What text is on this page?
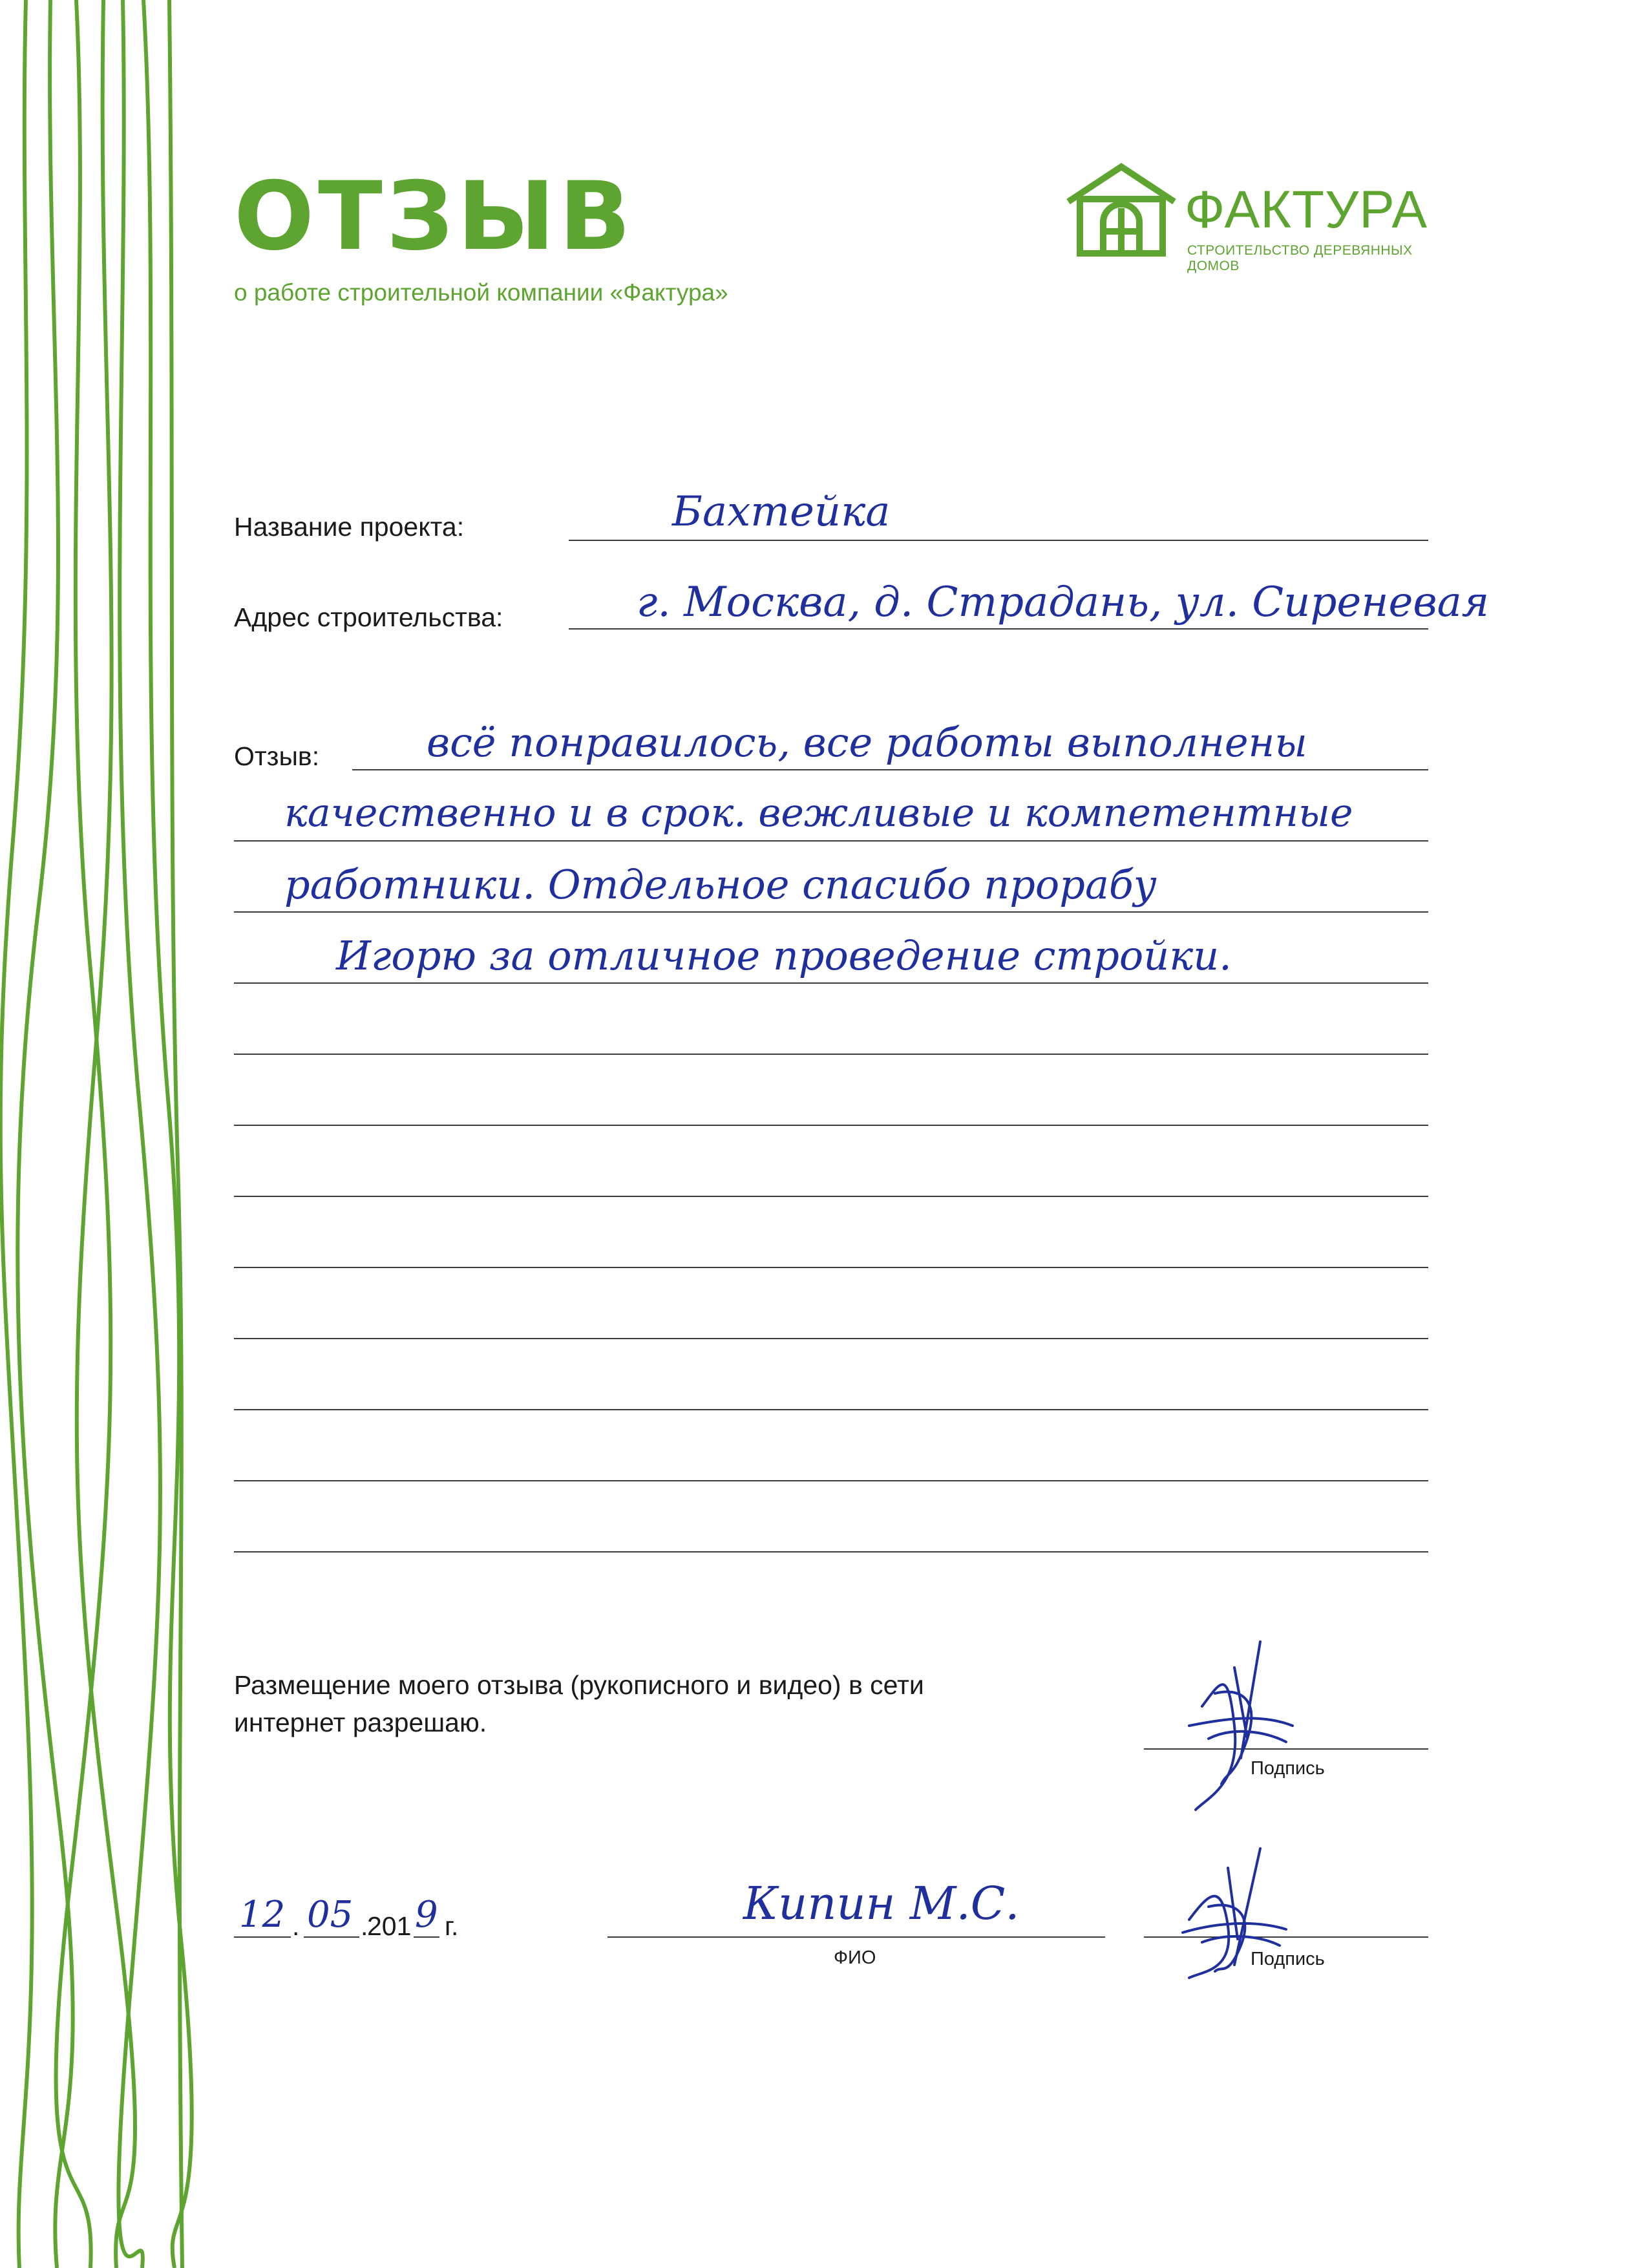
ОТЗЫВ
о работе строительной компании «Фактура»
ФАКТУРА
СТРОИТЕЛЬСТВО ДЕРЕВЯННЫХ ДОМОВ
Название проекта:	Бахтейка
Адрес строительства:	г. Москва, д. Страдань, ул. Сиреневая
Отзыв:	всё понравилось, все работы выполнены
качественно и в срок. вежливые и компетентные
работники. Отдельное спасибо прорабу
Игорю за отличное проведение стройки.
Размещение моего отзыва (рукописного и видео) в сети интернет разрешаю.
Подпись
12 . 05 .
201 9 г.	Кипин М.С.
ФИО	Подпись
